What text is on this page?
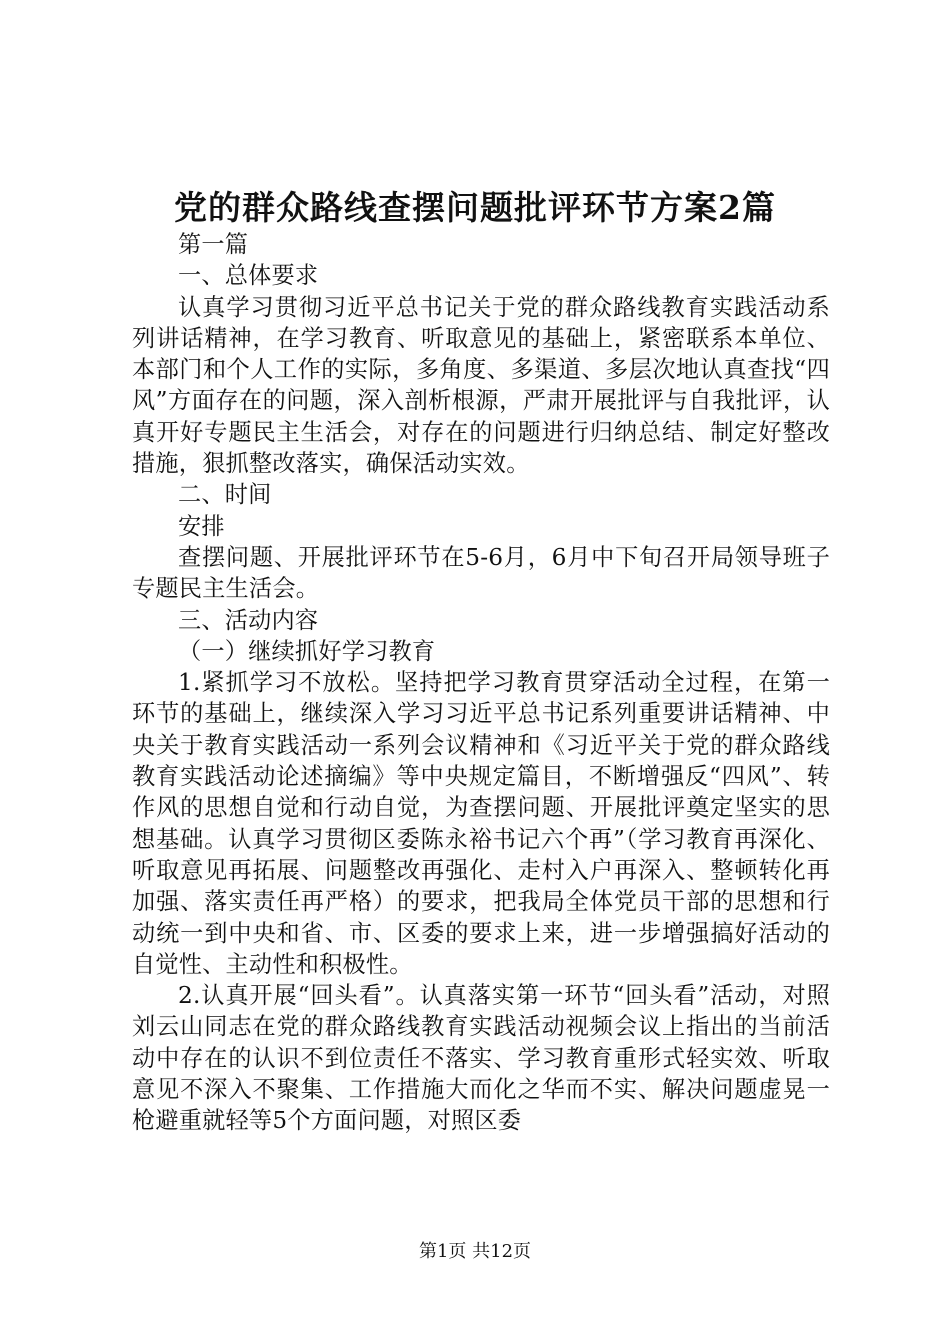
党的群众路线查摆问题批评环节方案2篇

第一篇

一、总体要求

认真学习贯彻习近平总书记关于党的群众路线教育实践活动系列讲话精神，在学习教育、听取意见的基础上，紧密联系本单位、本部门和个人工作的实际，多角度、多渠道、多层次地认真查找“四风”方面存在的问题，深入剖析根源，严肃开展批评与自我批评，认真开好专题民主生活会，对存在的问题进行归纳总结、制定好整改措施，狠抓整改落实，确保活动实效。

二、时间

安排

查摆问题、开展批评环节在5-6月，6月中下旬召开局领导班子专题民主生活会。

三、活动内容

（一）继续抓好学习教育

1.紧抓学习不放松。坚持把学习教育贯穿活动全过程，在第一环节的基础上，继续深入学习习近平总书记系列重要讲话精神、中央关于教育实践活动一系列会议精神和《习近平关于党的群众路线教育实践活动论述摘编》等中央规定篇目，不断增强反“四风”、转作风的思想自觉和行动自觉，为查摆问题、开展批评奠定坚实的思想基础。认真学习贯彻区委陈永裕书记六个再”（学习教育再深化、听取意见再拓展、问题整改再强化、走村入户再深入、整顿转化再加强、落实责任再严格）的要求，把我局全体党员干部的思想和行动统一到中央和省、市、区委的要求上来，进一步增强搞好活动的自觉性、主动性和积极性。

2.认真开展“回头看”。认真落实第一环节“回头看”活动，对照刘云山同志在党的群众路线教育实践活动视频会议上指出的当前活动中存在的认识不到位责任不落实、学习教育重形式轻实效、听取意见不深入不聚集、工作措施大而化之华而不实、解决问题虚晃一枪避重就轻等5个方面问题，对照区委

第1页 共12页
